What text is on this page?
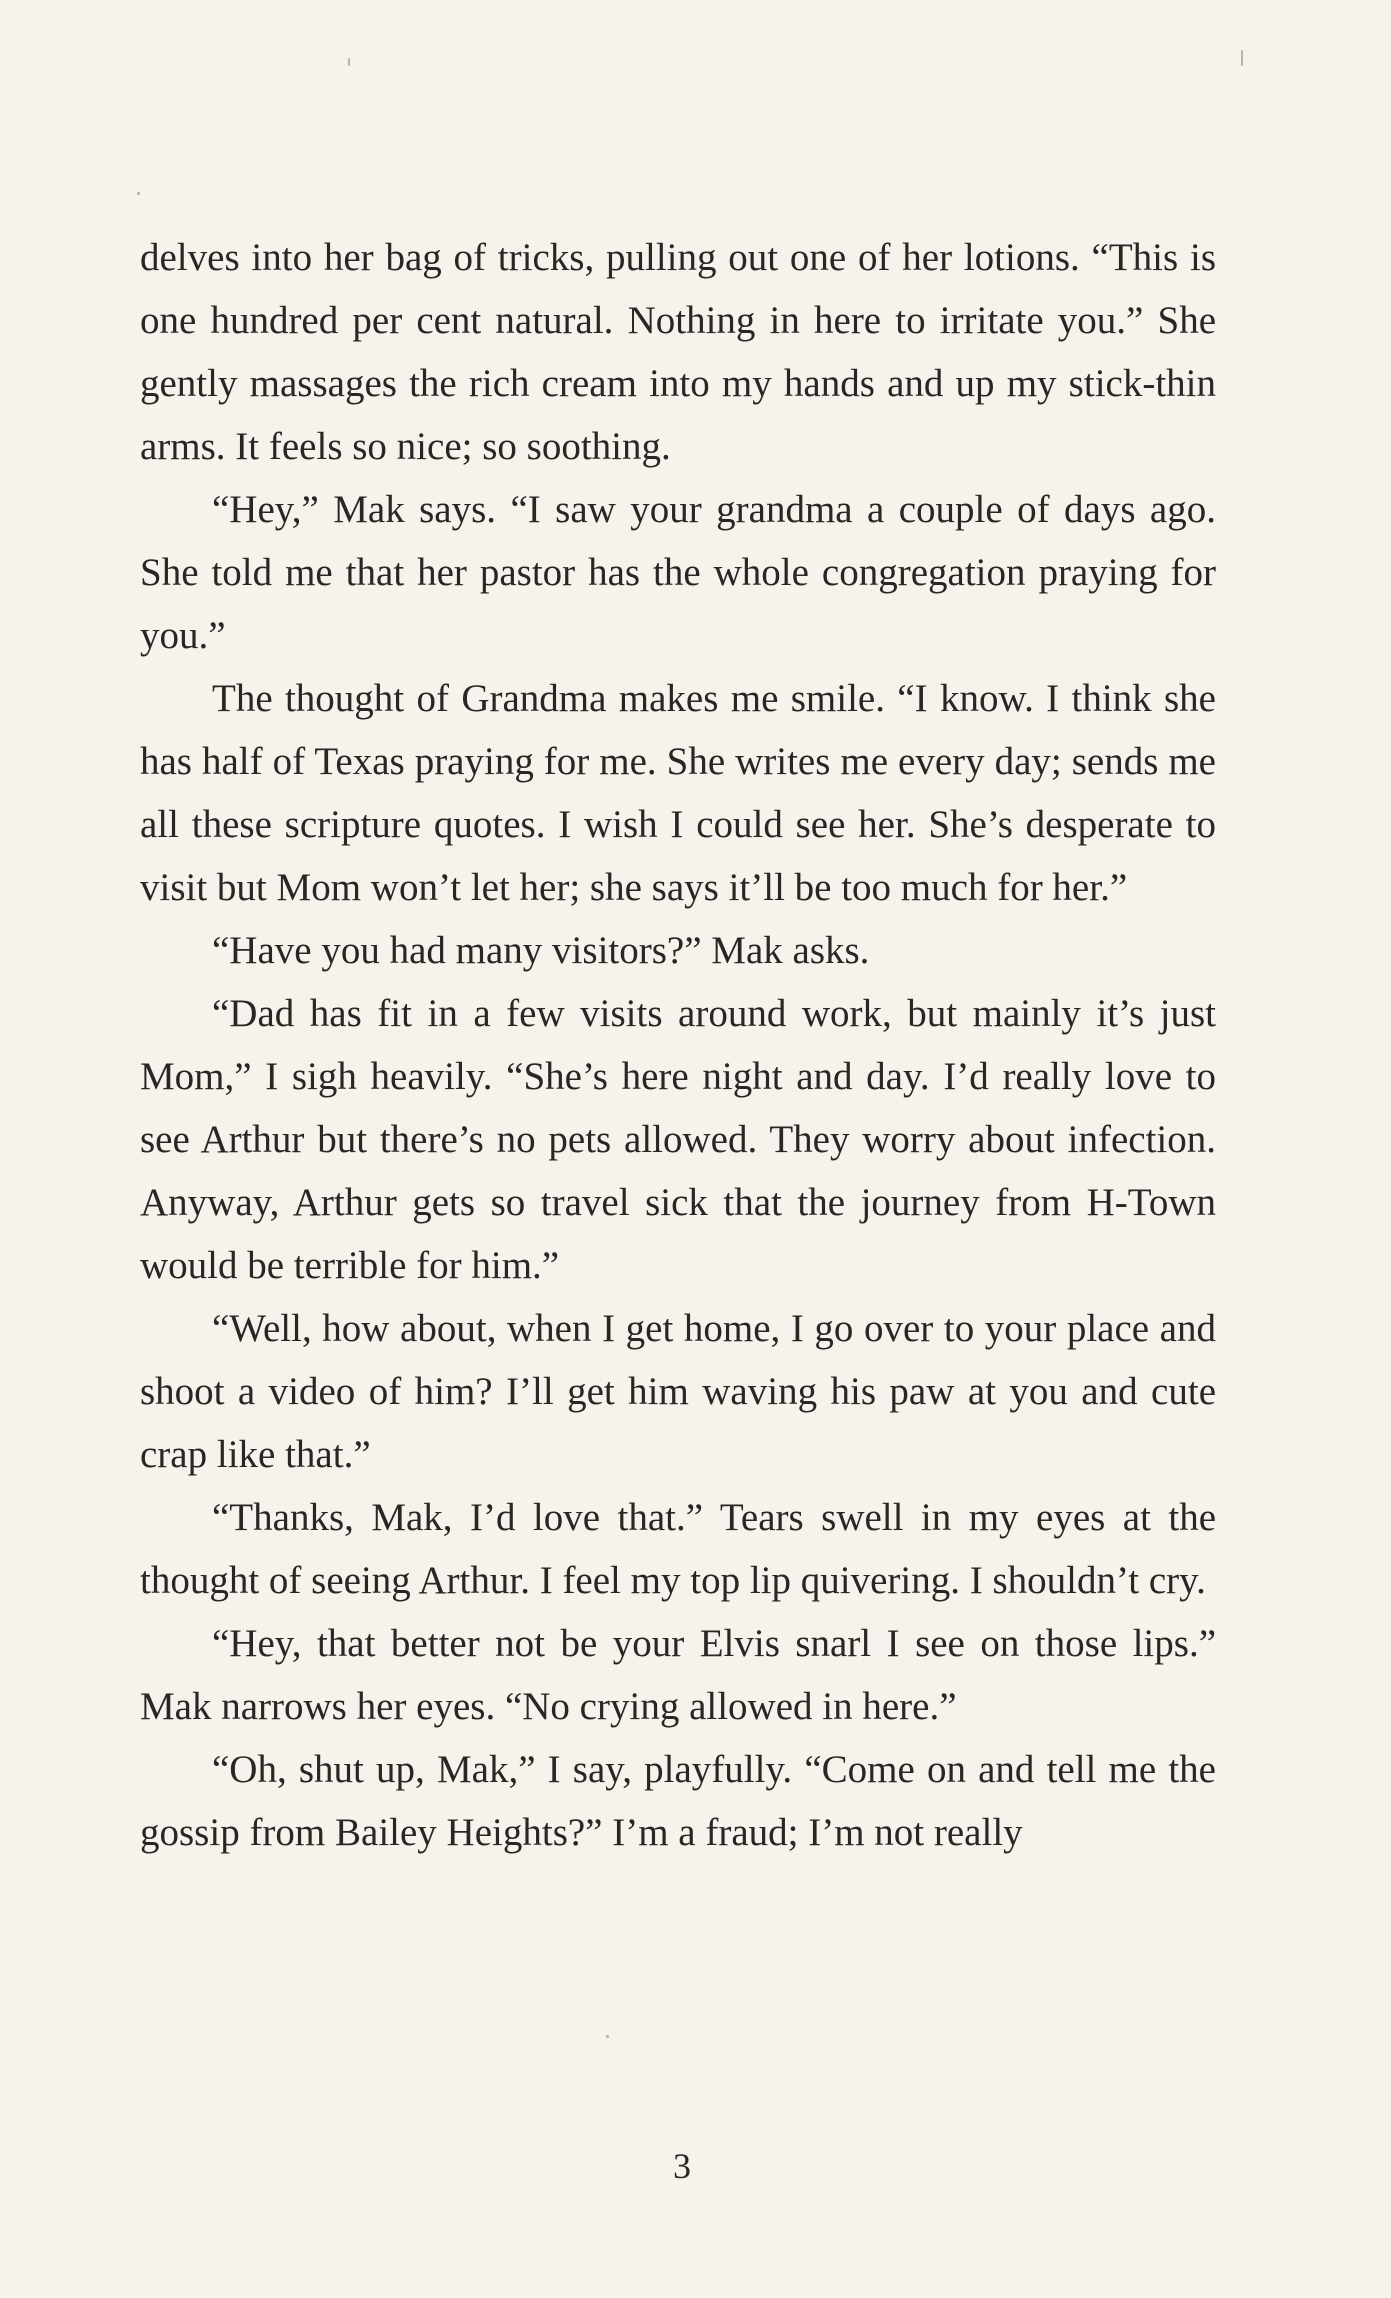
delves into her bag of tricks, pulling out one of her lotions. “This is one hundred per cent natural. Nothing in here to irritate you.” She gently massages the rich cream into my hands and up my stick-thin arms. It feels so nice; so soothing.

“Hey,” Mak says. “I saw your grandma a couple of days ago. She told me that her pastor has the whole congregation praying for you.”

The thought of Grandma makes me smile. “I know. I think she has half of Texas praying for me. She writes me every day; sends me all these scripture quotes. I wish I could see her. She’s desperate to visit but Mom won’t let her; she says it’ll be too much for her.”

“Have you had many visitors?” Mak asks.

“Dad has fit in a few visits around work, but mainly it’s just Mom,” I sigh heavily. “She’s here night and day. I’d really love to see Arthur but there’s no pets allowed. They worry about infection. Anyway, Arthur gets so travel sick that the journey from H-Town would be terrible for him.”

“Well, how about, when I get home, I go over to your place and shoot a video of him? I’ll get him waving his paw at you and cute crap like that.”

“Thanks, Mak, I’d love that.” Tears swell in my eyes at the thought of seeing Arthur. I feel my top lip quivering. I shouldn’t cry.

“Hey, that better not be your Elvis snarl I see on those lips.” Mak narrows her eyes. “No crying allowed in here.”

“Oh, shut up, Mak,” I say, playfully. “Come on and tell me the gossip from Bailey Heights?” I’m a fraud; I’m not really

3
